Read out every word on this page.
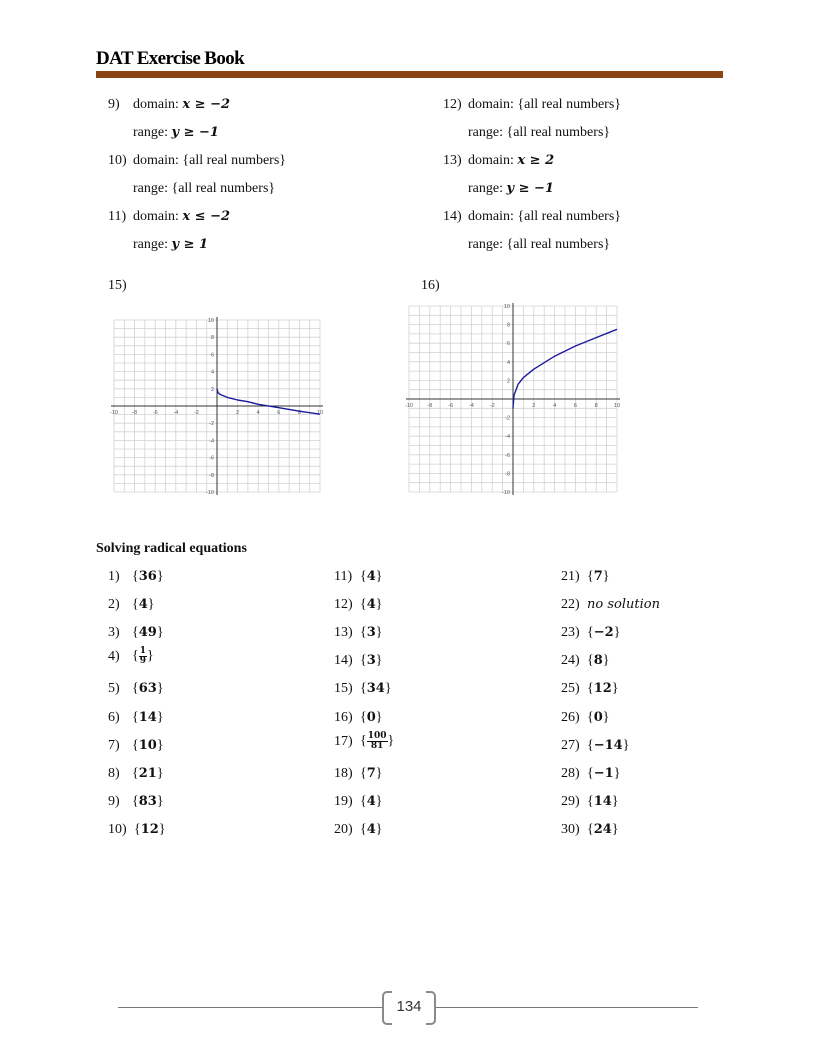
DAT Exercise Book
9) domain: x ≥ −2
range: y ≥ −1
10) domain: {all real numbers}
range: {all real numbers}
11) domain: x ≤ −2
range: y ≥ 1
12) domain: {all real numbers}
range: {all real numbers}
13) domain: x ≥ 2
range: y ≥ −1
14) domain: {all real numbers}
range: {all real numbers}
15)	16)
-10	-8	-6	-4	-2	2	4	6	8	10
10
8
6
4
2
-2
-4
-6
-8
-10
-10	-8	-6	-4	-2	2	4	6	8	10
10
8
6
4
2
-2
-4
-6
-8
-10
Solving radical equations
1) {36}
2) {4}
3) {49}
4) { $\frac{1}{9}$ }
5) {63}
6) {14}
7) {10}
8) {21}
9) {83}
10) {12}
11) {4}
12) {4}
13) {3}
14) {3}
15) {34}
16) {0}
17) { $\frac{100}{81}$ }
18) {7}
19) {4}
20) {4}
21) {7}
22) no solution
23) {−2}
24) {8}
25) {12}
26) {0}
27) {−14}
28) {−1}
29) {14}
30) {24}
134
